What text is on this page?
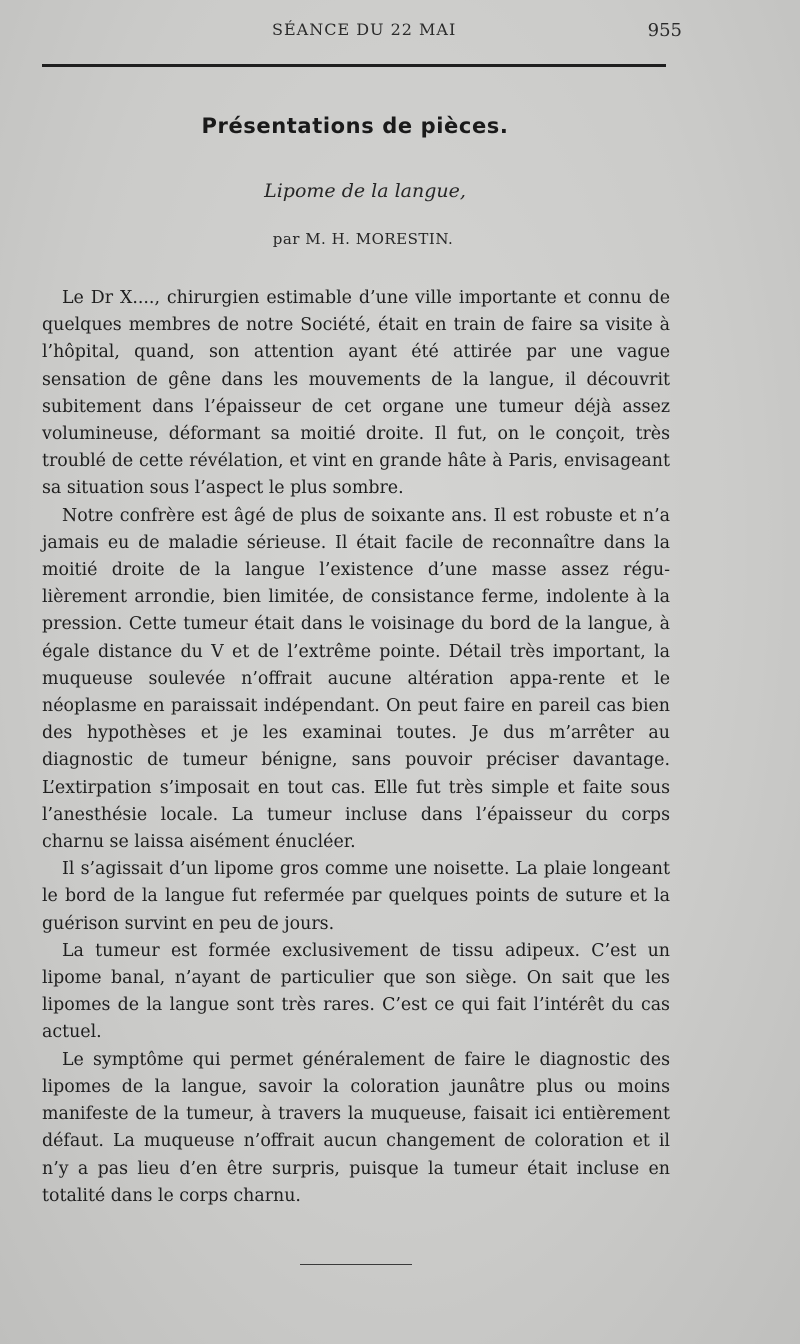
SÉANCE DU 22 MAI	955
Présentations de pièces.
Lipome de la langue,
par M. H. MORESTIN.

Le Dr X...., chirurgien estimable d’une ville importante et connu de quelques membres de notre Société, était en train de faire sa visite à l’hôpital, quand, son attention ayant été attirée par une vague sensation de gêne dans les mouvements de la langue, il découvrit subitement dans l’épaisseur de cet organe une tumeur déjà assez volumineuse, déformant sa moitié droite. Il fut, on le conçoit, très troublé de cette révélation, et vint en grande hâte à Paris, envisageant sa situation sous l’aspect le plus sombre.

Notre confrère est âgé de plus de soixante ans. Il est robuste et n’a jamais eu de maladie sérieuse. Il était facile de reconnaître dans la moitié droite de la langue l’existence d’une masse assez régu-lièrement arrondie, bien limitée, de consistance ferme, indolente à la pression. Cette tumeur était dans le voisinage du bord de la langue, à égale distance du V et de l’extrême pointe. Détail très important, la muqueuse soulevée n’offrait aucune altération appa-rente et le néoplasme en paraissait indépendant. On peut faire en pareil cas bien des hypothèses et je les examinai toutes. Je dus m’arrêter au diagnostic de tumeur bénigne, sans pouvoir préciser davantage. L’extirpation s’imposait en tout cas. Elle fut très simple et faite sous l’anesthésie locale. La tumeur incluse dans l’épaisseur du corps charnu se laissa aisément énucléer.

Il s’agissait d’un lipome gros comme une noisette. La plaie longeant le bord de la langue fut refermée par quelques points de suture et la guérison survint en peu de jours.

La tumeur est formée exclusivement de tissu adipeux. C’est un lipome banal, n’ayant de particulier que son siège. On sait que les lipomes de la langue sont très rares. C’est ce qui fait l’intérêt du cas actuel.

Le symptôme qui permet généralement de faire le diagnostic des lipomes de la langue, savoir la coloration jaunâtre plus ou moins manifeste de la tumeur, à travers la muqueuse, faisait ici entièrement défaut. La muqueuse n’offrait aucun changement de coloration et il n’y a pas lieu d’en être surpris, puisque la tumeur était incluse en totalité dans le corps charnu.
